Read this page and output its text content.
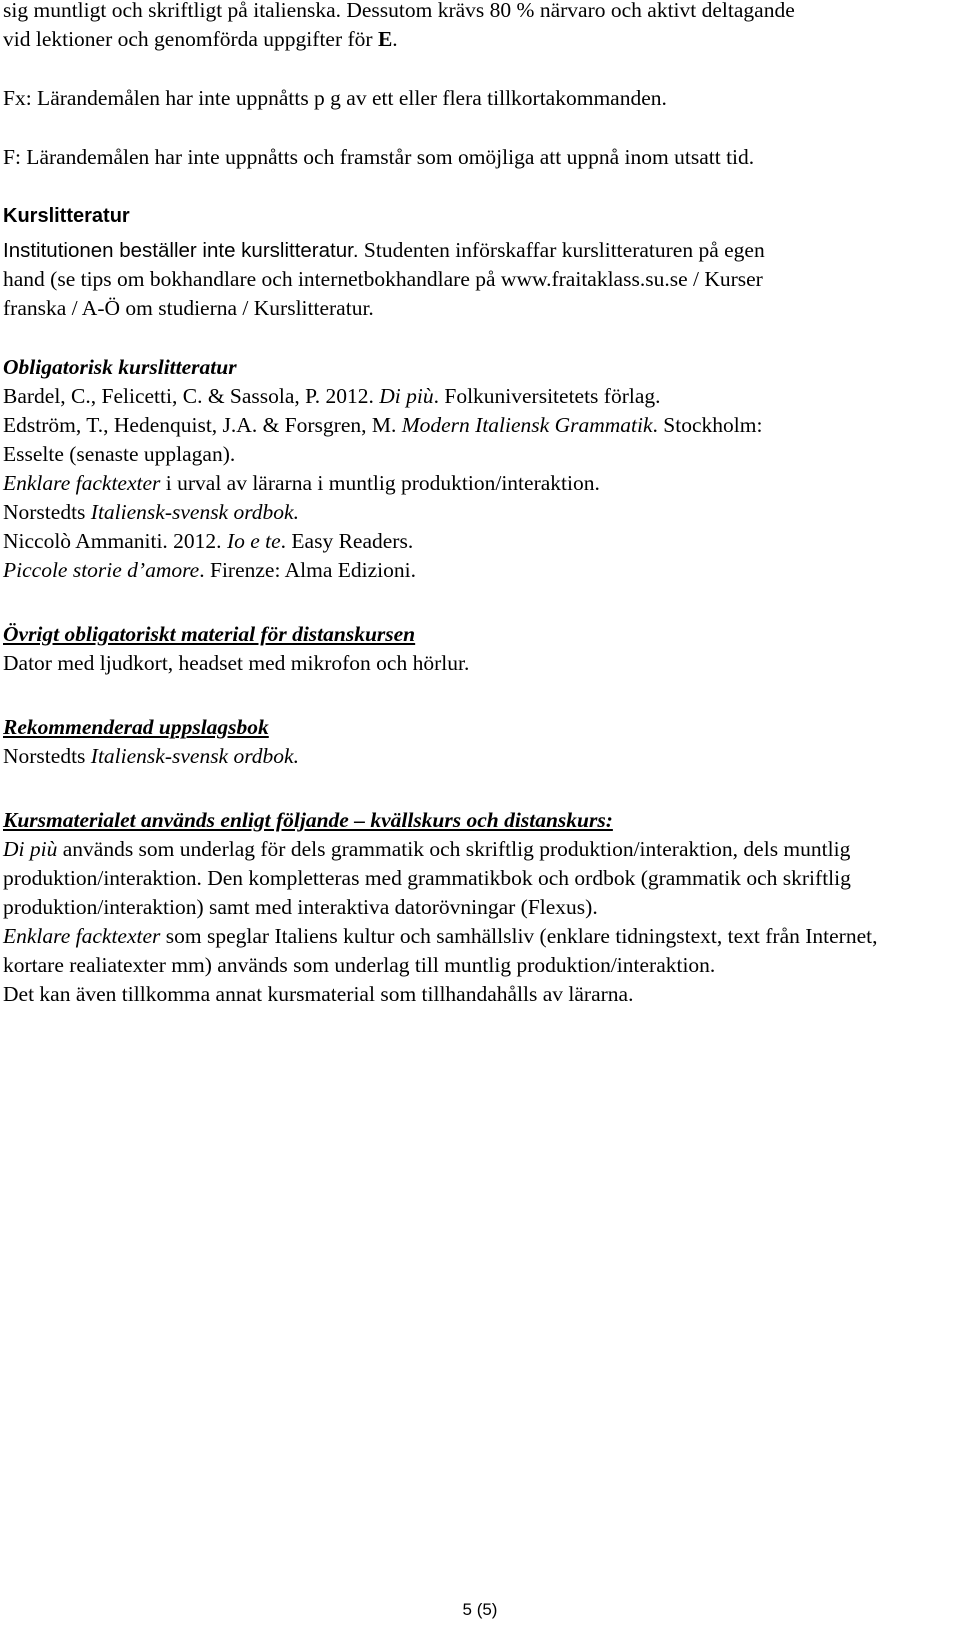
sig muntligt och skriftligt på italienska. Dessutom krävs 80 % närvaro och aktivt deltagande

vid lektioner och genomförda uppgifter för E.

Fx: Lärandemålen har inte uppnåtts p g av ett eller flera tillkortakommanden.

F: Lärandemålen har inte uppnåtts och framstår som omöjliga att uppnå inom utsatt tid.

Kurslitteratur

Institutionen beställer inte kurslitteratur. Studenten införskaffar kurslitteraturen på egen

hand (se tips om bokhandlare och internetbokhandlare på www.fraitaklass.su.se / Kurser

franska / A-Ö om studierna / Kurslitteratur.

Obligatorisk kurslitteratur

Bardel, C., Felicetti, C. & Sassola, P. 2012. Di più. Folkuniversitetets förlag.

Edström, T., Hedenquist, J.A. & Forsgren, M. Modern Italiensk Grammatik. Stockholm:

Esselte (senaste upplagan).

Enklare facktexter i urval av lärarna i muntlig produktion/interaktion.

Norstedts Italiensk-svensk ordbok.

Niccolò Ammaniti. 2012. Io e te. Easy Readers.

Piccole storie d’amore. Firenze: Alma Edizioni.

Övrigt obligatoriskt material för distanskursen

Dator med ljudkort, headset med mikrofon och hörlur.

Rekommenderad uppslagsbok

Norstedts Italiensk-svensk ordbok.

Kursmaterialet används enligt följande – kvällskurs och distanskurs:

Di più används som underlag för dels grammatik och skriftlig produktion/interaktion, dels muntlig produktion/interaktion. Den kompletteras med grammatikbok och ordbok (grammatik och skriftlig produktion/interaktion) samt med interaktiva datorövningar (Flexus).

Enklare facktexter som speglar Italiens kultur och samhällsliv (enklare tidningstext, text från Internet, kortare realiatexter mm) används som underlag till muntlig produktion/interaktion.

Det kan även tillkomma annat kursmaterial som tillhandahålls av lärarna.

5 (5)
